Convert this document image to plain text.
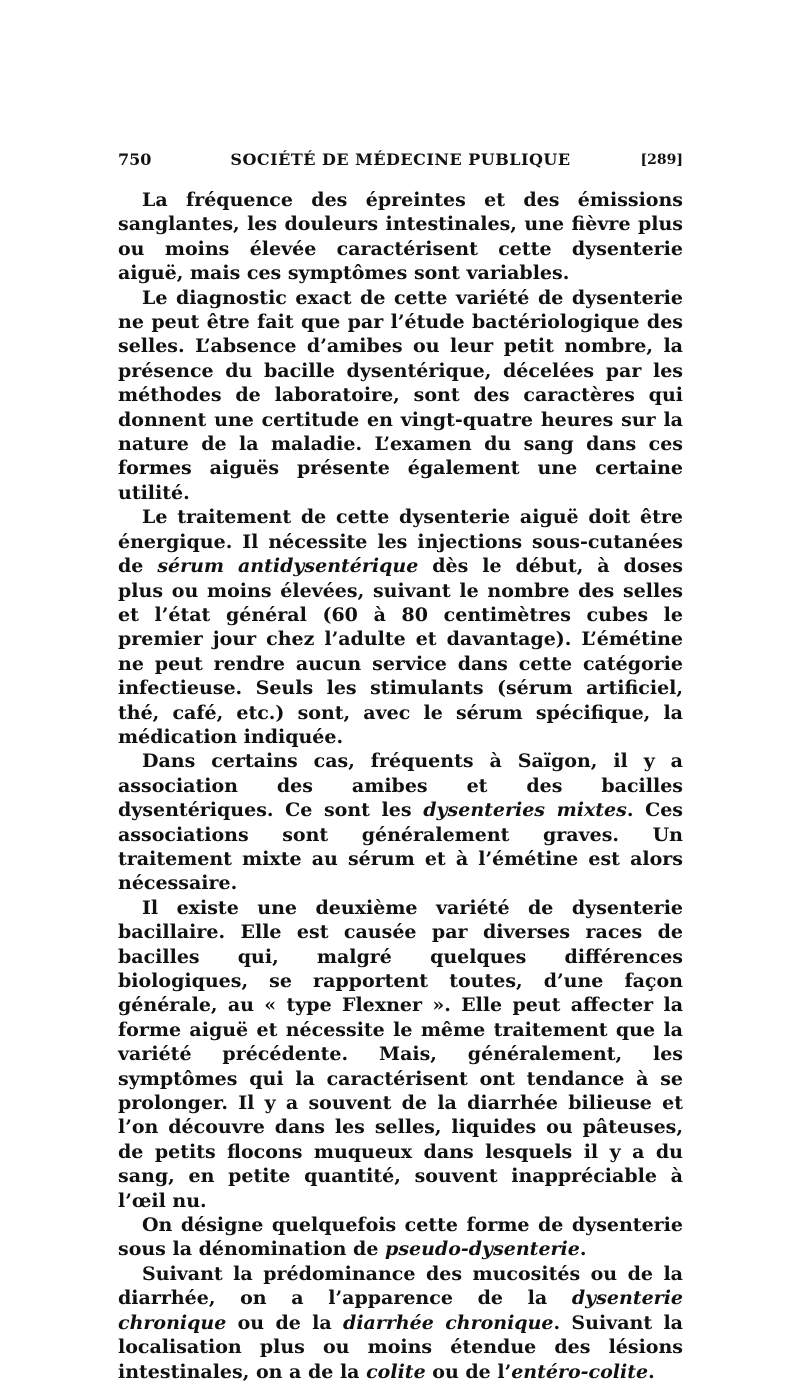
750	SOCIÉTÉ DE MÉDECINE PUBLIQUE	[289]

La fréquence des épreintes et des émissions sanglantes, les douleurs intestinales, une fièvre plus ou moins élevée caractérisent cette dysenterie aiguë, mais ces symptômes sont variables.

Le diagnostic exact de cette variété de dysenterie ne peut être fait que par l’étude bactériologique des selles. L’absence d’amibes ou leur petit nombre, la présence du bacille dysentérique, décelées par les méthodes de laboratoire, sont des caractères qui donnent une certitude en vingt-quatre heures sur la nature de la maladie. L’examen du sang dans ces formes aiguës présente également une certaine utilité.

Le traitement de cette dysenterie aiguë doit être énergique. Il nécessite les injections sous-cutanées de sérum antidysentérique dès le début, à doses plus ou moins élevées, suivant le nombre des selles et l’état général (60 à 80 centimètres cubes le premier jour chez l’adulte et davantage). L’émétine ne peut rendre aucun service dans cette catégorie infectieuse. Seuls les stimulants (sérum artificiel, thé, café, etc.) sont, avec le sérum spécifique, la médication indiquée.

Dans certains cas, fréquents à Saïgon, il y a association des amibes et des bacilles dysentériques. Ce sont les dysenteries mixtes. Ces associations sont généralement graves. Un traitement mixte au sérum et à l’émétine est alors nécessaire.

Il existe une deuxième variété de dysenterie bacillaire. Elle est causée par diverses races de bacilles qui, malgré quelques différences biologiques, se rapportent toutes, d’une façon générale, au « type Flexner ». Elle peut affecter la forme aiguë et nécessite le même traitement que la variété précédente. Mais, généralement, les symptômes qui la caractérisent ont tendance à se prolonger. Il y a souvent de la diarrhée bilieuse et l’on découvre dans les selles, liquides ou pâteuses, de petits flocons muqueux dans lesquels il y a du sang, en petite quantité, souvent inappréciable à l’œil nu.

On désigne quelquefois cette forme de dysenterie sous la dénomination de pseudo-dysenterie.

Suivant la prédominance des mucosités ou de la diarrhée, on a l’apparence de la dysenterie chronique ou de la diarrhée chronique. Suivant la localisation plus ou moins étendue des lésions intestinales, on a de la colite ou de l’entéro-colite.
